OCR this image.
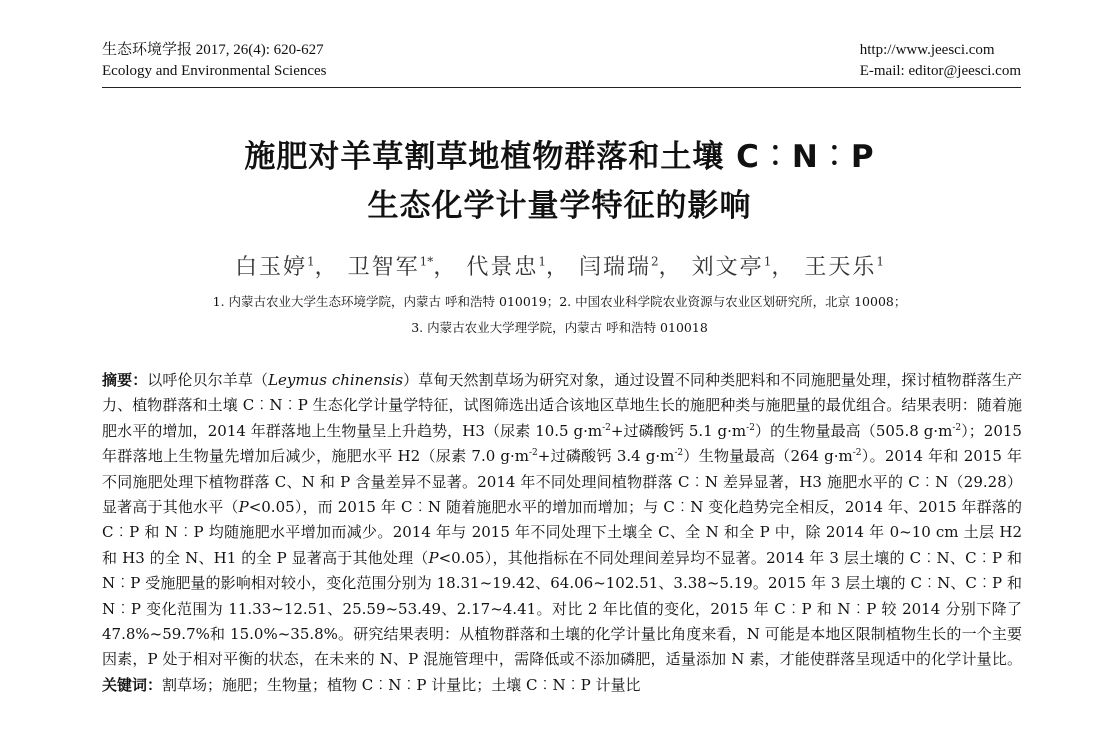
生态环境学报 2017, 26(4): 620-627
Ecology and Environmental Sciences
http://www.jeesci.com
E-mail: editor@jeesci.com
施肥对羊草割草地植物群落和土壤 C︰N︰P
生态化学计量学特征的影响
白玉婷$^1$， 卫智军$^{1*}$， 代景忠$^1$， 闫瑞瑞$^2$， 刘文亭$^1$， 王天乐$^1$
1. 内蒙古农业大学生态环境学院，内蒙古 呼和浩特 010019；2. 中国农业科学院农业资源与农业区划研究所，北京 10008；
3. 内蒙古农业大学理学院，内蒙古 呼和浩特 010018
摘要：以呼伦贝尔羊草（Leymus chinensis）草甸天然割草场为研究对象，通过设置不同种类肥料和不同施肥量处理，探讨植物群落生产力、植物群落和土壤 C︰N︰P 生态化学计量学特征，试图筛选出适合该地区草地生长的施肥种类与施肥量的最优组合。结果表明：随着施肥水平的增加，2014 年群落地上生物量呈上升趋势，H3（尿素 10.5 $g\cdot m^{-2}+$过磷酸钙 5.1 $g\cdot m^{-2}$）的生物量最高（505.8 $g\cdot m^{-2}$）；2015 年群落地上生物量先增加后减少，施肥水平 H2（尿素 7.0 $g\cdot m^{-2}+$过磷酸钙 3.4 $g\cdot m^{-2}$）生物量最高（264 $g\cdot m^{-2}$）。2014 年和 2015 年不同施肥处理下植物群落 C、N 和 P 含量差异不显著。2014 年不同处理间植物群落 C︰N 差异显著，H3 施肥水平的 C︰N（29.28）显著高于其他水平（P<0.05），而 2015 年 C︰N 随着施肥水平的增加而增加；与 C︰N 变化趋势完全相反，2014 年、2015 年群落的 C︰P 和 N︰P 均随施肥水平增加而减少。2014 年与 2015 年不同处理下土壤全 C、全 N 和全 P 中，除 2014 年 0~10 cm 土层 H2 和 H3 的全 N、H1 的全 P 显著高于其他处理（P<0.05），其他指标在不同处理间差异均不显著。2014 年 3 层土壤的 C︰N、C︰P 和 N︰P 受施肥量的影响相对较小，变化范围分别为 18.31~19.42、64.06~102.51、3.38~5.19。2015 年 3 层土壤的 C︰N、C︰P 和 N︰P 变化范围为 11.33~12.51、25.59~53.49、2.17~4.41。对比 2 年比值的变化，2015 年 C︰P 和 N︰P 较 2014 分别下降了 47.8%~59.7%和 15.0%~35.8%。研究结果表明：从植物群落和土壤的化学计量比角度来看，N 可能是本地区限制植物生长的一个主要因素，P 处于相对平衡的状态，在未来的 N、P 混施管理中，需降低或不添加磷肥，适量添加 N 素，才能使群落呈现适中的化学计量比。关键词：割草场；施肥；生物量；植物 C︰N︰P 计量比；土壤 C︰N︰P 计量比
